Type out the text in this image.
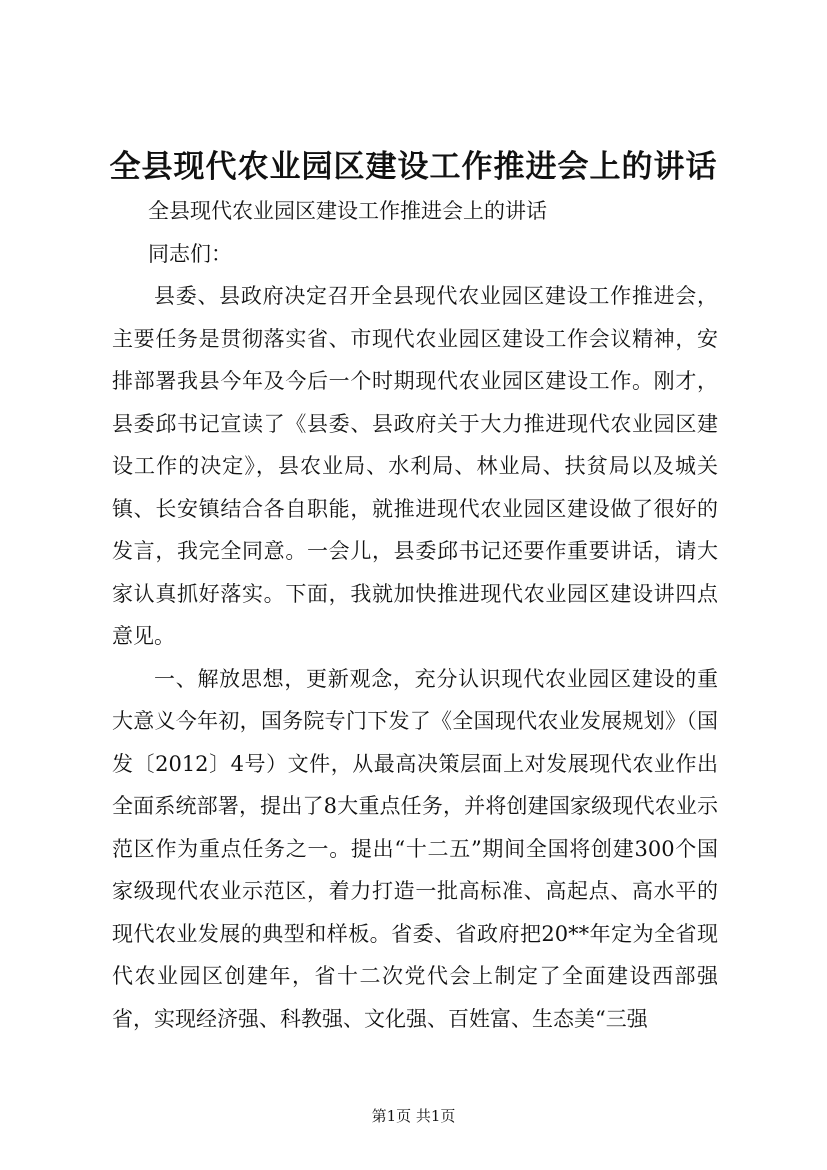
全县现代农业园区建设工作推进会上的讲话

全县现代农业园区建设工作推进会上的讲话

同志们：

县委、县政府决定召开全县现代农业园区建设工作推进会，主要任务是贯彻落实省、市现代农业园区建设工作会议精神，安排部署我县今年及今后一个时期现代农业园区建设工作。刚才，县委邱书记宣读了《县委、县政府关于大力推进现代农业园区建设工作的决定》，县农业局、水利局、林业局、扶贫局以及城关镇、长安镇结合各自职能，就推进现代农业园区建设做了很好的发言，我完全同意。一会儿，县委邱书记还要作重要讲话，请大家认真抓好落实。下面，我就加快推进现代农业园区建设讲四点意见。

一、解放思想，更新观念，充分认识现代农业园区建设的重大意义今年初，国务院专门下发了《全国现代农业发展规划》（国发〔2012〕4号）文件，从最高决策层面上对发展现代农业作出全面系统部署，提出了8大重点任务，并将创建国家级现代农业示范区作为重点任务之一。提出“十二五”期间全国将创建300个国家级现代农业示范区，着力打造一批高标准、高起点、高水平的现代农业发展的典型和样板。省委、省政府把20**年定为全省现代农业园区创建年，省十二次党代会上制定了全面建设西部强省，实现经济强、科教强、文化强、百姓富、生态美“三强

第1页 共1页
